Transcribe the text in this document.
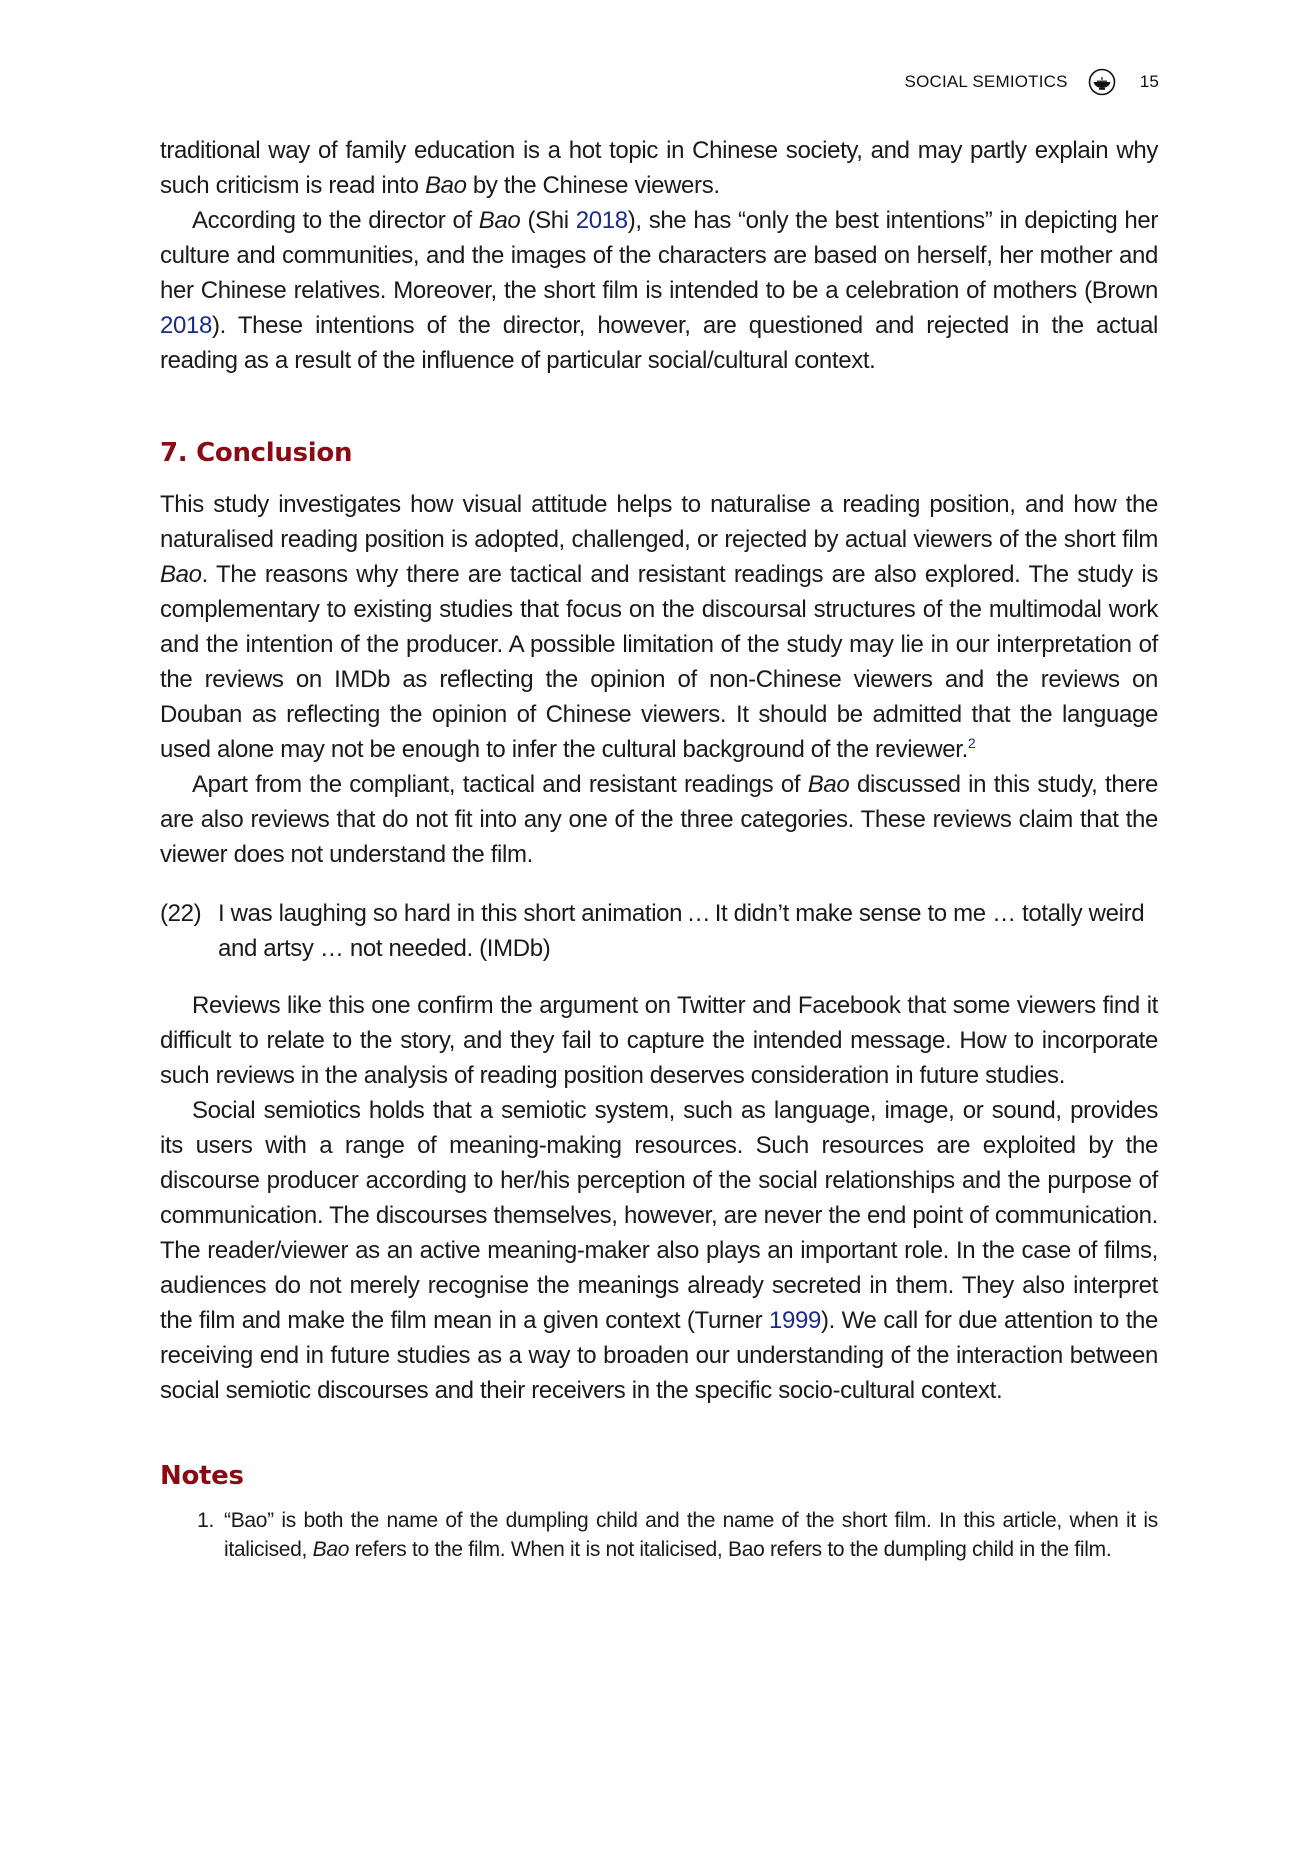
SOCIAL SEMIOTICS	15

traditional way of family education is a hot topic in Chinese society, and may partly explain why such criticism is read into Bao by the Chinese viewers.

According to the director of Bao (Shi 2018), she has “only the best intentions” in depicting her culture and communities, and the images of the characters are based on herself, her mother and her Chinese relatives. Moreover, the short film is intended to be a celebration of mothers (Brown 2018). These intentions of the director, however, are questioned and rejected in the actual reading as a result of the influence of particular social/cultural context.

7. Conclusion

This study investigates how visual attitude helps to naturalise a reading position, and how the naturalised reading position is adopted, challenged, or rejected by actual viewers of the short film Bao. The reasons why there are tactical and resistant readings are also explored. The study is complementary to existing studies that focus on the discoursal structures of the multimodal work and the intention of the producer. A possible limitation of the study may lie in our interpretation of the reviews on IMDb as reflecting the opinion of non-Chinese viewers and the reviews on Douban as reflecting the opinion of Chinese viewers. It should be admitted that the language used alone may not be enough to infer the cultural background of the reviewer.$^2$

Apart from the compliant, tactical and resistant readings of Bao discussed in this study, there are also reviews that do not fit into any one of the three categories. These reviews claim that the viewer does not understand the film.

(22) I was laughing so hard in this short animation … It didn’t make sense to me … totally weird and artsy … not needed. (IMDb)

Reviews like this one confirm the argument on Twitter and Facebook that some viewers find it difficult to relate to the story, and they fail to capture the intended message. How to incorporate such reviews in the analysis of reading position deserves consideration in future studies.

Social semiotics holds that a semiotic system, such as language, image, or sound, provides its users with a range of meaning-making resources. Such resources are exploited by the discourse producer according to her/his perception of the social relationships and the purpose of communication. The discourses themselves, however, are never the end point of communication. The reader/viewer as an active meaning-maker also plays an important role. In the case of films, audiences do not merely recognise the meanings already secreted in them. They also interpret the film and make the film mean in a given context (Turner 1999). We call for due attention to the receiving end in future studies as a way to broaden our understanding of the interaction between social semiotic discourses and their receivers in the specific socio-cultural context.

Notes
1. “Bao” is both the name of the dumpling child and the name of the short film. In this article, when it is italicised, Bao refers to the film. When it is not italicised, Bao refers to the dumpling child in the film.
